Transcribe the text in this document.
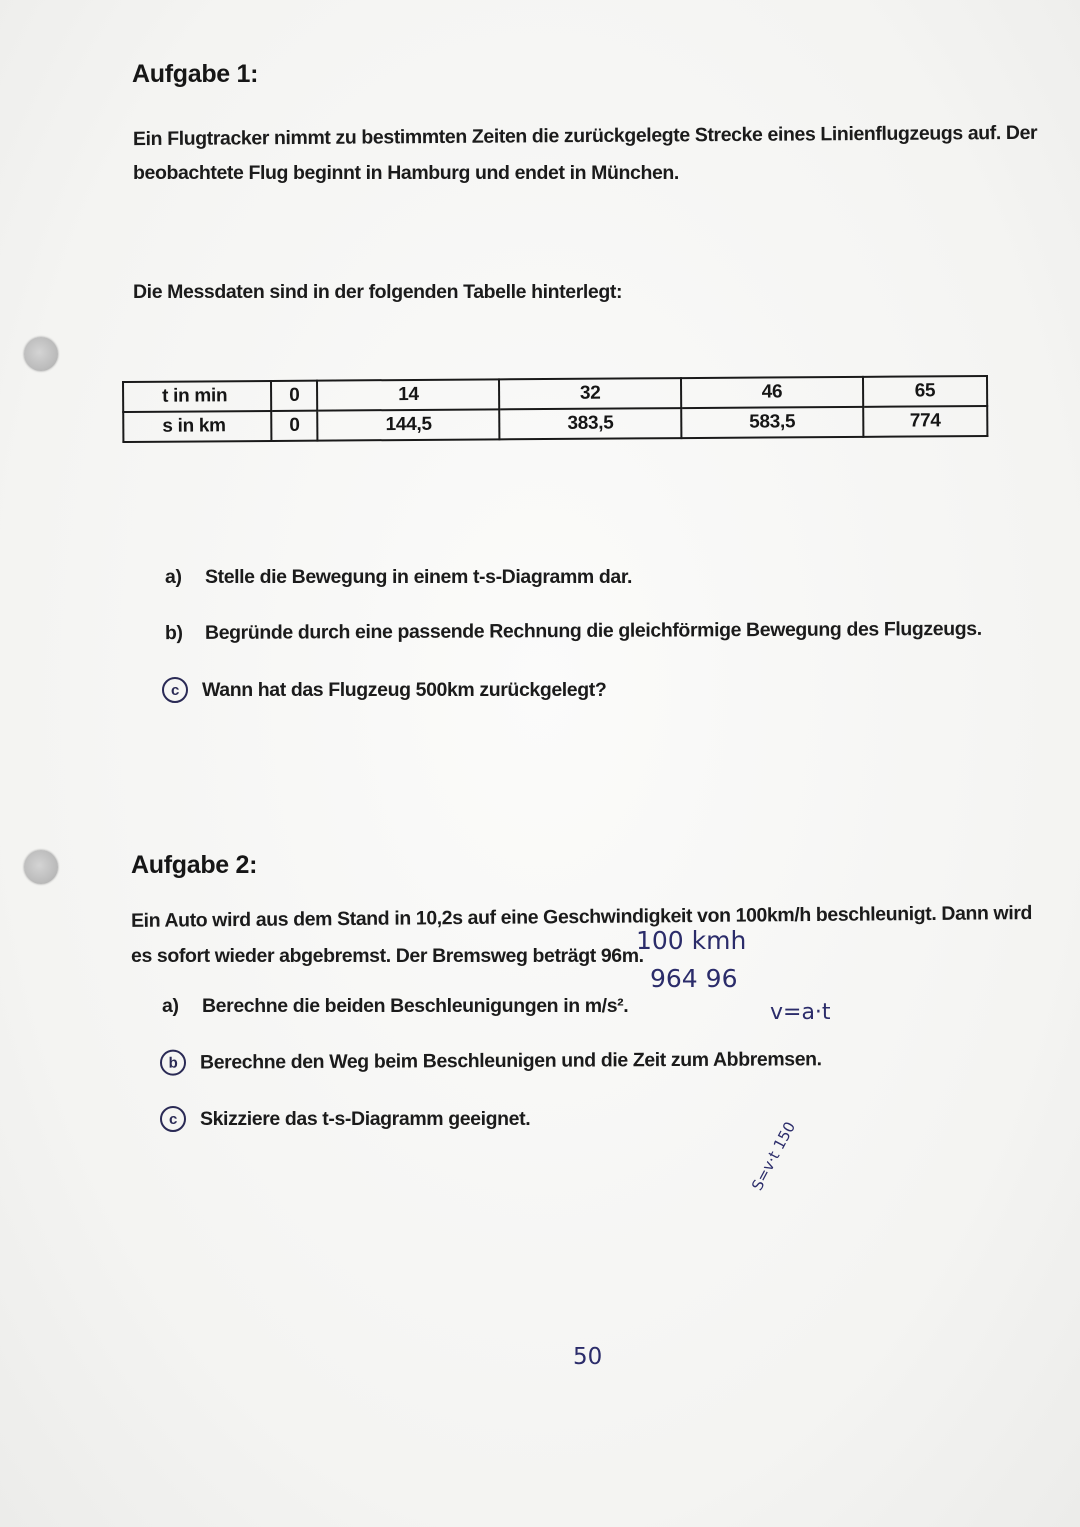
Aufgabe 1:
Ein Flugtracker nimmt zu bestimmten Zeiten die zurückgelegte Strecke eines Linienflugzeugs auf. Der
beobachtete Flug beginnt in Hamburg und endet in München.
Die Messdaten sind in der folgenden Tabelle hinterlegt:
t in min	0	14	32	46	65
s in km	0	144,5	383,5	583,5	774
a)	Stelle die Bewegung in einem t-s-Diagramm dar.
b)	Begründe durch eine passende Rechnung die gleichförmige Bewegung des Flugzeugs.
c	Wann hat das Flugzeug 500km zurückgelegt?
Aufgabe 2:
Ein Auto wird aus dem Stand in 10,2s auf eine Geschwindigkeit von 100km/h beschleunigt. Dann wird
es sofort wieder abgebremst. Der Bremsweg beträgt 96m.
a)	Berechne die beiden Beschleunigungen in m/s².
b	Berechne den Weg beim Beschleunigen und die Zeit zum Abbremsen.
c	Skizziere das t-s-Diagramm geeignet.
100 kmh
964 96
v=a·t
S=v·t 150
50
